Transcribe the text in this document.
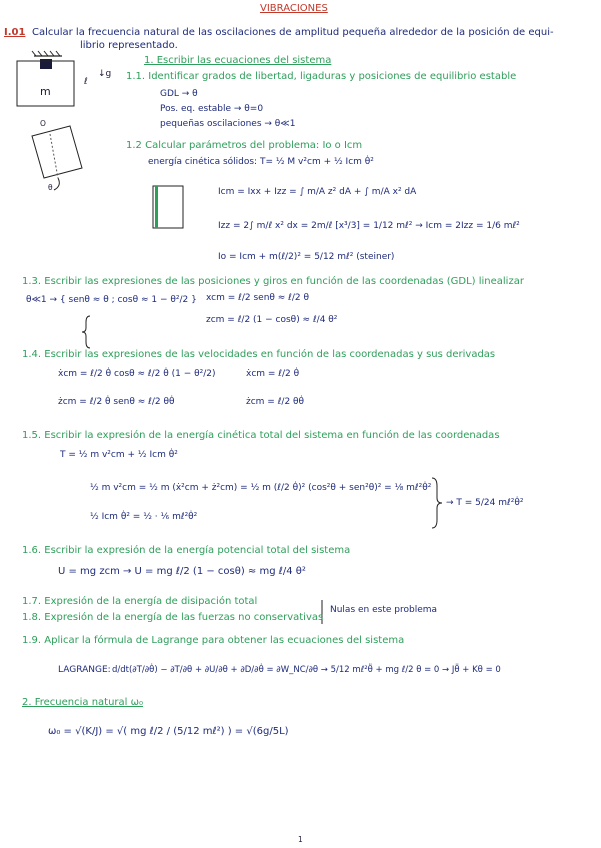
VIBRACIONES
I.01 Calcular la frecuencia natural de las oscilaciones de amplitud pequeña alrededor de la posición de equi-
librio representado.
m
ℓ
↓g
O
θ
1. Escribir las ecuaciones del sistema
1.1. Identificar grados de libertad, ligaduras y posiciones de equilibrio estable
GDL → θ
Pos. eq. estable → θ=0
pequeñas oscilaciones → θ≪1
1.2 Calcular parámetros del problema: Io o Icm
energía cinética sólidos: T= ½ M v²cm + ½ Icm θ̇²
Icm = Ixx + Izz = ∫ m/A z² dA + ∫ m/A x² dA
Izz = 2∫ m/ℓ x² dx = 2m/ℓ [x³/3] = 1/12 mℓ² → Icm = 2Izz = 1/6 mℓ²
Io = Icm + m(ℓ/2)² = 5/12 mℓ² (steiner)
1.3. Escribir las expresiones de las posiciones y giros en función de las coordenadas (GDL) linealizar
θ≪1 → { senθ ≈ θ ; cosθ ≈ 1 − θ²/2 } xcm = ℓ/2 senθ ≈ ℓ/2 θ
zcm = ℓ/2 (1 − cosθ) ≈ ℓ/4 θ²
1.4. Escribir las expresiones de las velocidades en función de las coordenadas y sus derivadas
ẋcm = ℓ/2 θ̇ cosθ ≈ ℓ/2 θ̇ (1 − θ²/2)	ẋcm = ℓ/2 θ̇
żcm = ℓ/2 θ̇ senθ ≈ ℓ/2 θθ̇	żcm = ℓ/2 θθ̇
1.5. Escribir la expresión de la energía cinética total del sistema en función de las coordenadas
T = ½ m v²cm + ½ Icm θ̇²
½ m v²cm = ½ m (ẋ²cm + ż²cm) = ½ m (ℓ/2 θ̇)² (cos²θ + sen²θ)² = ⅛ mℓ²θ̇²
½ Icm θ̇² = ½ · ⅙ mℓ²θ̇²
→ T = 5/24 mℓ²θ̇²
1.6. Escribir la expresión de la energía potencial total del sistema
U = mg zcm → U = mg ℓ/2 (1 − cosθ) ≈ mg ℓ/4 θ²
1.7. Expresión de la energía de disipación total
1.8. Expresión de la energía de las fuerzas no conservativas
Nulas en este problema
1.9. Aplicar la fórmula de Lagrange para obtener las ecuaciones del sistema
LAGRANGE: d/dt(∂T/∂θ̇) − ∂T/∂θ + ∂U/∂θ + ∂D/∂θ̇ = ∂W_NC/∂θ → 5/12 mℓ²θ̈ + mg ℓ/2 θ = 0 → Jθ̈ + Kθ = 0
2. Frecuencia natural ω₀
ω₀ = √(K/J) = √( mg ℓ/2 / (5/12 mℓ²) ) = √(6g/5L)
1
